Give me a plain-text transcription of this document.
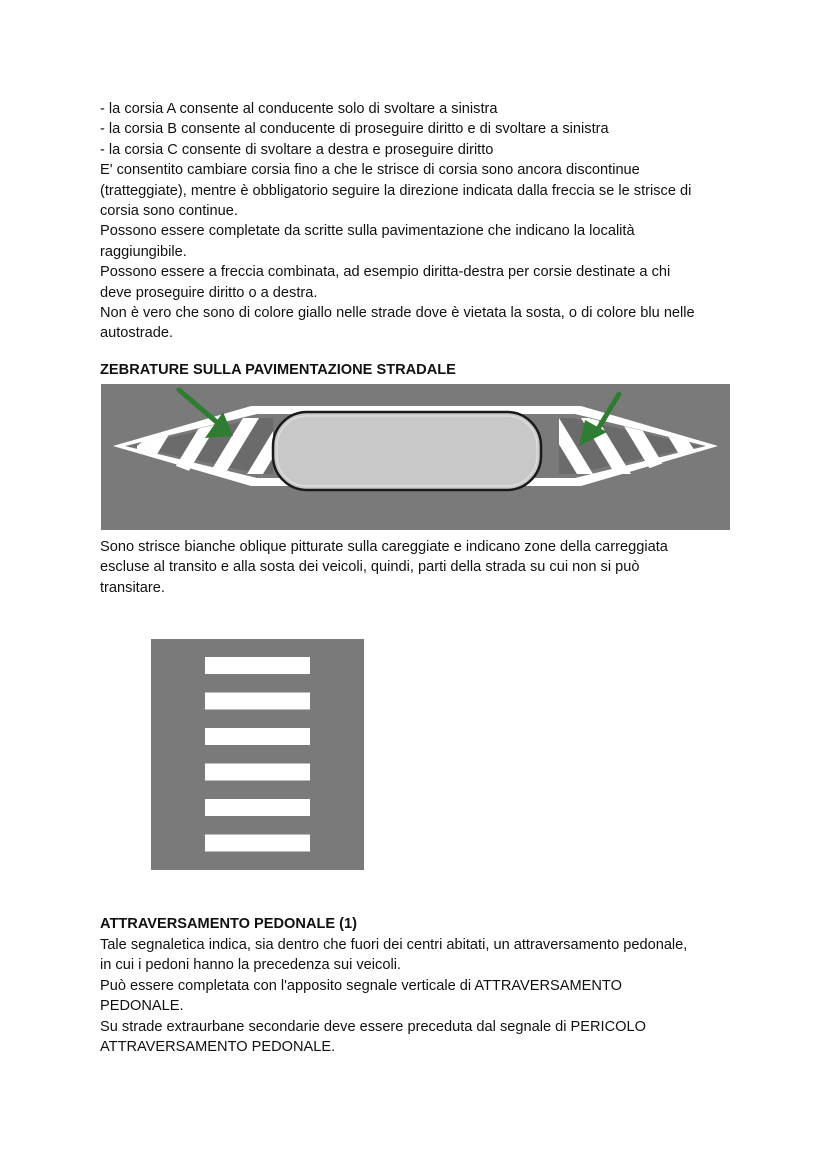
- la corsia A consente al conducente solo di svoltare a sinistra
- la corsia B consente al conducente di proseguire diritto e di svoltare a sinistra
- la corsia C consente di svoltare a destra e proseguire diritto
E' consentito cambiare corsia fino a che le strisce di corsia sono ancora discontinue
(tratteggiate), mentre è obbligatorio seguire la direzione indicata dalla freccia se le strisce di
corsia sono continue.
Possono essere completate da scritte sulla pavimentazione che indicano la località
raggiungibile.
Possono essere a freccia combinata, ad esempio diritta-destra per corsie destinate a chi
deve proseguire diritto o a destra.
Non è vero che sono di colore giallo nelle strade dove è vietata la sosta, o di colore blu nelle
autostrade.
ZEBRATURE SULLA PAVIMENTAZIONE STRADALE
Sono strisce bianche oblique pitturate sulla careggiate e indicano zone della carreggiata
escluse al transito e alla sosta dei veicoli, quindi, parti della strada su cui non si può
transitare.
ATTRAVERSAMENTO PEDONALE (1)
Tale segnaletica indica, sia dentro che fuori dei centri abitati, un attraversamento pedonale,
in cui i pedoni hanno la precedenza sui veicoli.
Può essere completata con l'apposito segnale verticale di ATTRAVERSAMENTO
PEDONALE.
Su strade extraurbane secondarie deve essere preceduta dal segnale di PERICOLO
ATTRAVERSAMENTO PEDONALE.
